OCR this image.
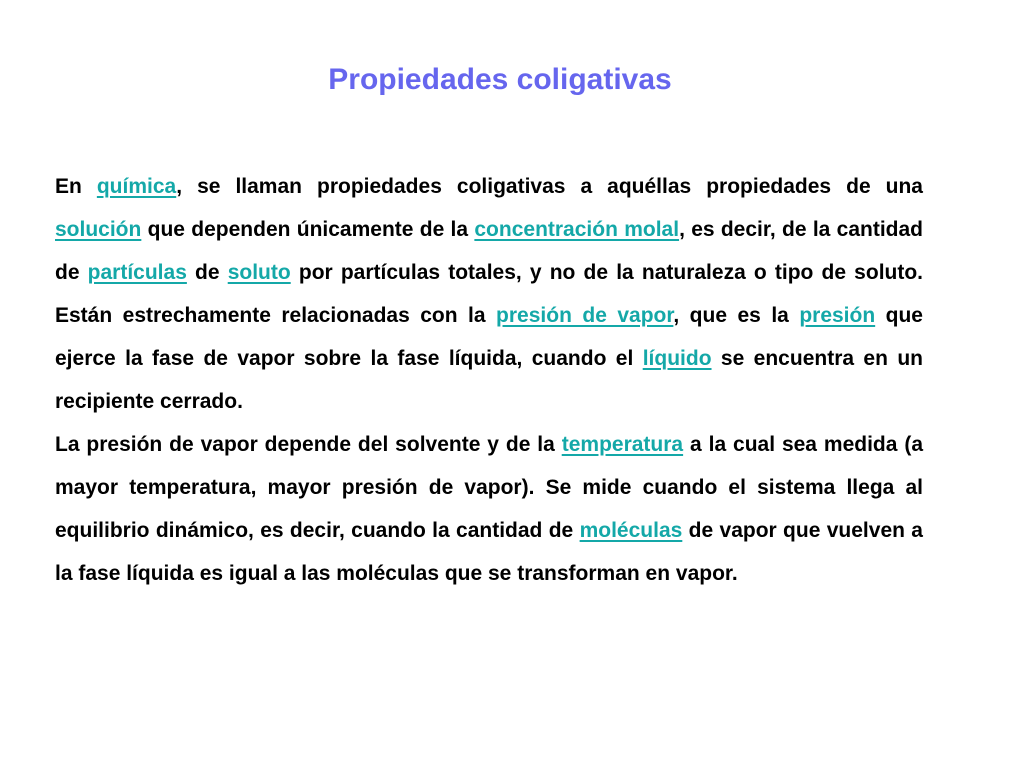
Propiedades coligativas

En química, se llaman propiedades coligativas a aquéllas propiedades de una solución que dependen únicamente de la concentración molal, es decir, de la cantidad de partículas de soluto por partículas totales, y no de la naturaleza o tipo de soluto. Están estrechamente relacionadas con la presión de vapor, que es la presión que ejerce la fase de vapor sobre la fase líquida, cuando el líquido se encuentra en un recipiente cerrado.

La presión de vapor depende del solvente y de la temperatura a la cual sea medida (a mayor temperatura, mayor presión de vapor). Se mide cuando el sistema llega al equilibrio dinámico, es decir, cuando la cantidad de moléculas de vapor que vuelven a la fase líquida es igual a las moléculas que se transforman en vapor.
